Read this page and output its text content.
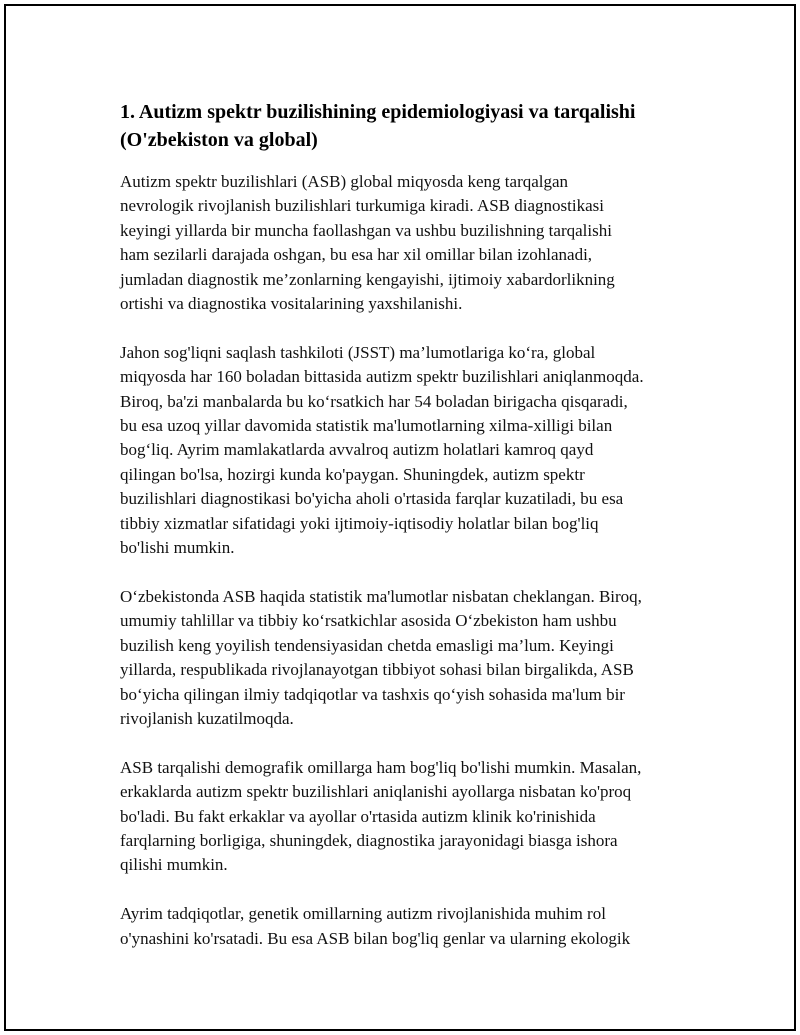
1. Autizm spektr buzilishining epidemiologiyasi va tarqalishi
(O'zbekiston va global)

Autizm spektr buzilishlari (ASB) global miqyosda keng tarqalgan
nevrologik rivojlanish buzilishlari turkumiga kiradi. ASB diagnostikasi
keyingi yillarda bir muncha faollashgan va ushbu buzilishning tarqalishi
ham sezilarli darajada oshgan, bu esa har xil omillar bilan izohlanadi,
jumladan diagnostik me’zonlarning kengayishi, ijtimoiy xabardorlikning
ortishi va diagnostika vositalarining yaxshilanishi.

Jahon sog'liqni saqlash tashkiloti (JSST) ma’lumotlariga ko‘ra, global
miqyosda har 160 boladan bittasida autizm spektr buzilishlari aniqlanmoqda.
Biroq, ba'zi manbalarda bu ko‘rsatkich har 54 boladan birigacha qisqaradi,
bu esa uzoq yillar davomida statistik ma'lumotlarning xilma-xilligi bilan
bog‘liq. Ayrim mamlakatlarda avvalroq autizm holatlari kamroq qayd
qilingan bo'lsa, hozirgi kunda ko'paygan. Shuningdek, autizm spektr
buzilishlari diagnostikasi bo'yicha aholi o'rtasida farqlar kuzatiladi, bu esa
tibbiy xizmatlar sifatidagi yoki ijtimoiy-iqtisodiy holatlar bilan bog'liq
bo'lishi mumkin.

O‘zbekistonda ASB haqida statistik ma'lumotlar nisbatan cheklangan. Biroq,
umumiy tahlillar va tibbiy ko‘rsatkichlar asosida O‘zbekiston ham ushbu
buzilish keng yoyilish tendensiyasidan chetda emasligi ma’lum. Keyingi
yillarda, respublikada rivojlanayotgan tibbiyot sohasi bilan birgalikda, ASB
bo‘yicha qilingan ilmiy tadqiqotlar va tashxis qo‘yish sohasida ma'lum bir
rivojlanish kuzatilmoqda.

ASB tarqalishi demografik omillarga ham bog'liq bo'lishi mumkin. Masalan,
erkaklarda autizm spektr buzilishlari aniqlanishi ayollarga nisbatan ko'proq
bo'ladi. Bu fakt erkaklar va ayollar o'rtasida autizm klinik ko'rinishida
farqlarning borligiga, shuningdek, diagnostika jarayonidagi biasga ishora
qilishi mumkin.

Ayrim tadqiqotlar, genetik omillarning autizm rivojlanishida muhim rol
o'ynashini ko'rsatadi. Bu esa ASB bilan bog'liq genlar va ularning ekologik
